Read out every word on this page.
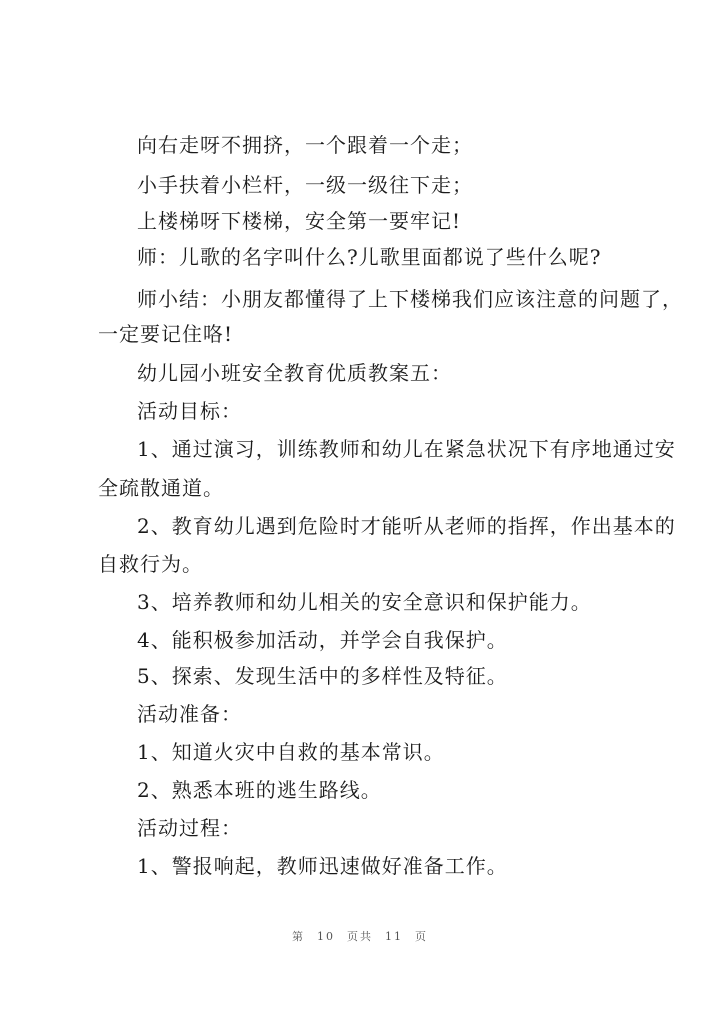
向右走呀不拥挤，一个跟着一个走；
小手扶着小栏杆，一级一级往下走；
上楼梯呀下楼梯，安全第一要牢记!
师：儿歌的名字叫什么?儿歌里面都说了些什么呢?
师小结：小朋友都懂得了上下楼梯我们应该注意的问题了，
一定要记住咯!
幼儿园小班安全教育优质教案五：
活动目标：
1、通过演习，训练教师和幼儿在紧急状况下有序地通过安
全疏散通道。
2、教育幼儿遇到危险时才能听从老师的指挥，作出基本的
自救行为。
3、培养教师和幼儿相关的安全意识和保护能力。
4、能积极参加活动，并学会自我保护。
5、探索、发现生活中的多样性及特征。
活动准备：
1、知道火灾中自救的基本常识。
2、熟悉本班的逃生路线。
活动过程：
1、警报响起，教师迅速做好准备工作。
第 10 页共 11 页
